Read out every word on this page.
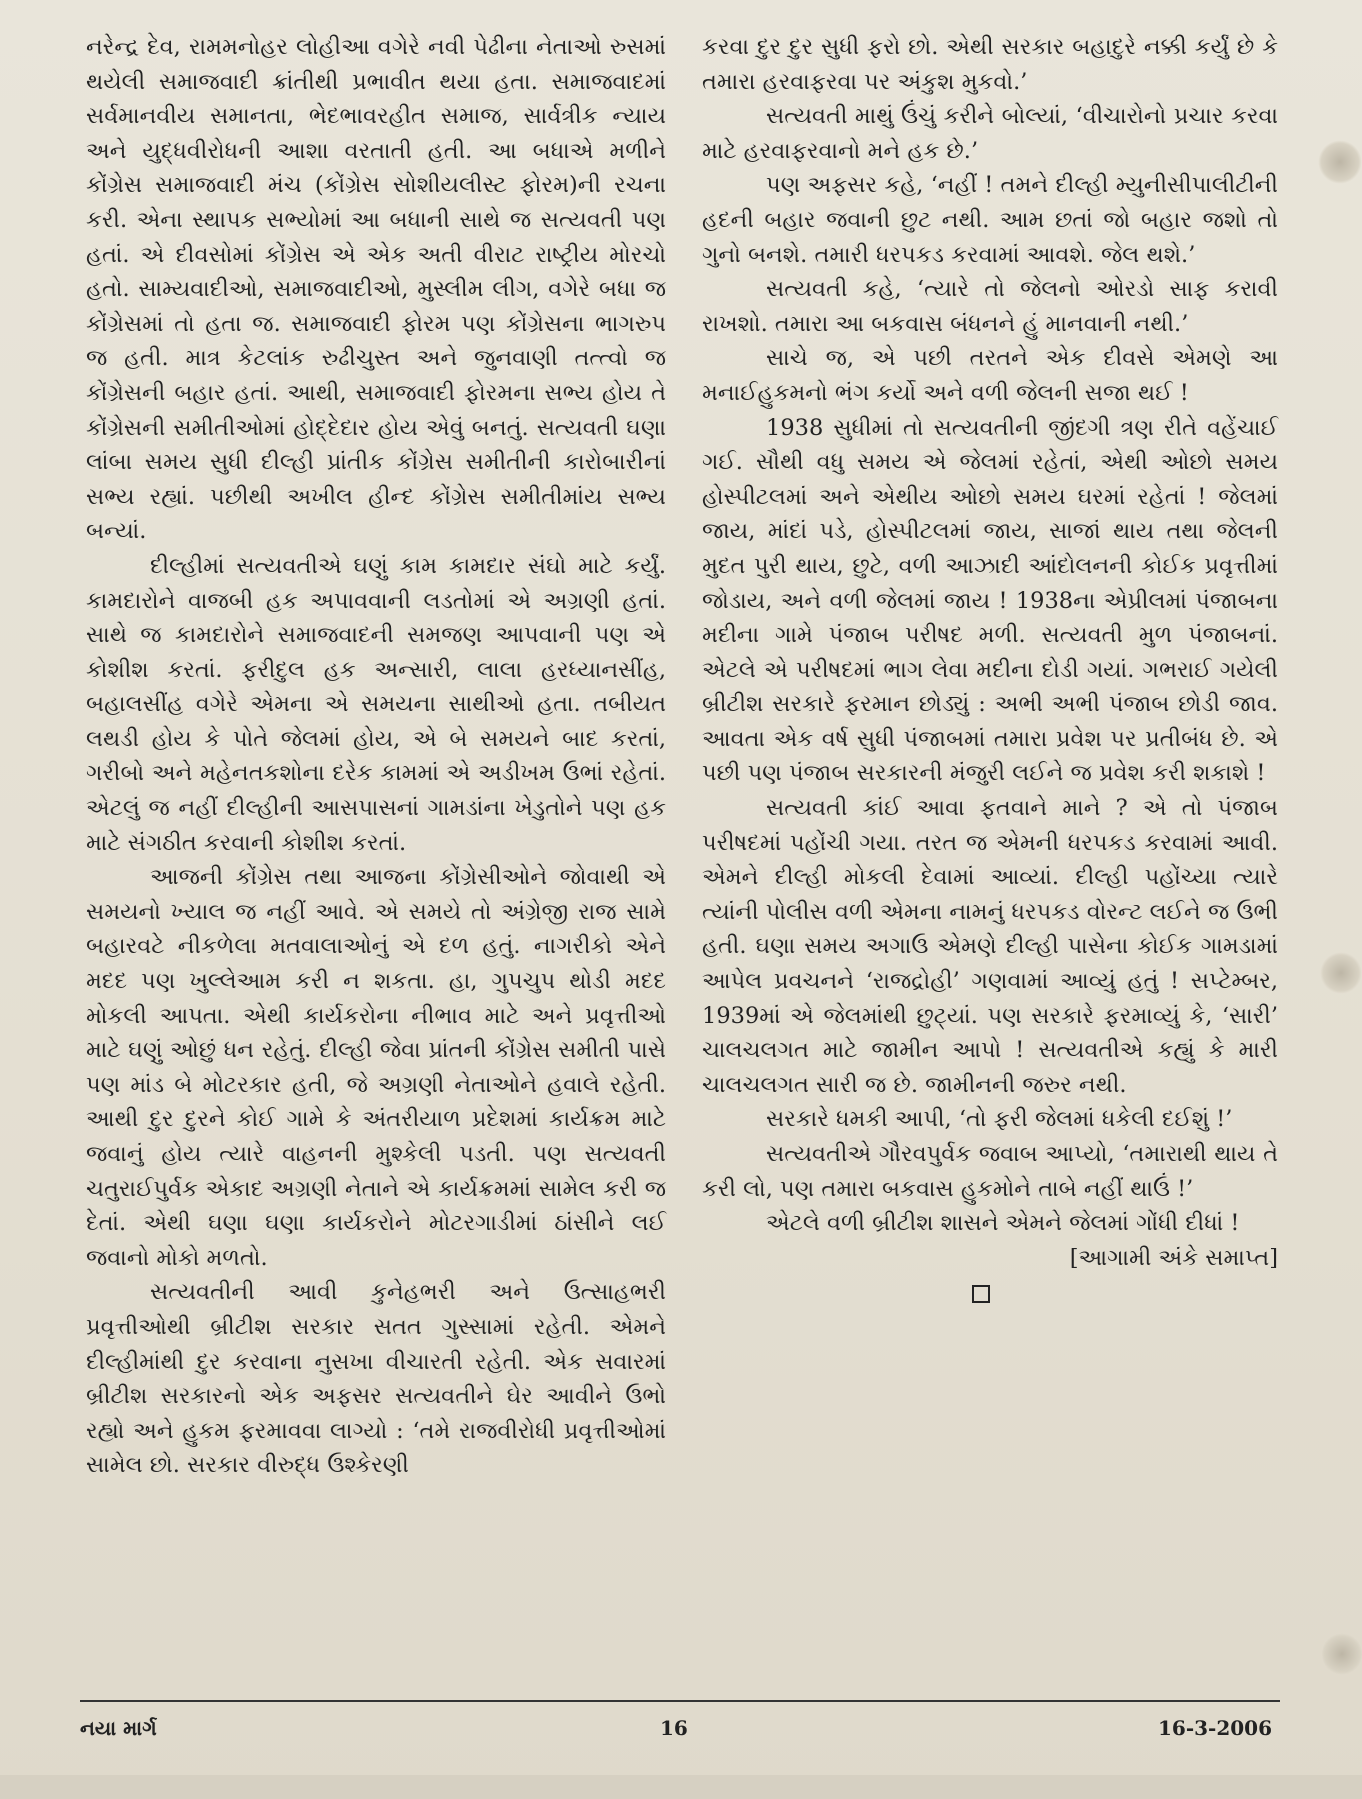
નરેન્દ્ર દેવ, રામમનોહર લોહીઆ વગેરે નવી પેઢીના નેતાઓ રુસમાં થયેલી સમાજવાદી ક્રાંતીથી પ્રભાવીત થયા હતા. સમાજવાદમાં સર્વમાનવીય સમાનતા, ભેદભાવરહીત સમાજ, સાર્વત્રીક ન્યાય અને યુદ્ધવીરોધની આશા વરતાતી હતી. આ બધાએ મળીને કોંગ્રેસ સમાજવાદી મંચ (કોંગ્રેસ સોશીયલીસ્ટ ફોરમ)ની રચના કરી. એના સ્થાપક સભ્યોમાં આ બધાની સાથે જ સત્યવતી પણ હતાં. એ દીવસોમાં કોંગ્રેસ એ એક અતી વીરાટ રાષ્ટ્રીય મોરચો હતો. સામ્યવાદીઓ, સમાજવાદીઓ, મુસ્લીમ લીગ, વગેરે બધા જ કોંગ્રેસમાં તો હતા જ. સમાજવાદી ફોરમ પણ કોંગ્રેસના ભાગરુપ જ હતી. માત્ર કેટલાંક રુઢીચુસ્ત અને જુનવાણી તત્ત્વો જ કોંગ્રેસની બહાર હતાં. આથી, સમાજવાદી ફોરમના સભ્ય હોય તે કોંગ્રેસની સમીતીઓમાં હોદ્દેદાર હોય એવું બનતું. સત્યવતી ઘણા લાંબા સમય સુધી દીલ્હી પ્રાંતીક કોંગ્રેસ સમીતીની કારોબારીનાં સભ્ય રહ્યાં. પછીથી અખીલ હીન્દ કોંગ્રેસ સમીતીમાંય સભ્ય બન્યાં.

દીલ્હીમાં સત્યવતીએ ઘણું કામ કામદાર સંઘો માટે કર્યું. કામદારોને વાજબી હક અપાવવાની લડતોમાં એ અગ્રણી હતાં. સાથે જ કામદારોને સમાજવાદની સમજણ આપવાની પણ એ કોશીશ કરતાં. ફરીદુલ હક અન્સારી, લાલા હરધ્યાનસીંહ, બહાલસીંહ વગેરે એમના એ સમયના સાથીઓ હતા. તબીયત લથડી હોય કે પોતે જેલમાં હોય, એ બે સમયને બાદ કરતાં, ગરીબો અને મહેનતકશોના દરેક કામમાં એ અડીખમ ઉભાં રહેતાં. એટલું જ નહીં દીલ્હીની આસપાસનાં ગામડાંના ખેડુતોને પણ હક માટે સંગઠીત કરવાની કોશીશ કરતાં.

આજની કોંગ્રેસ તથા આજના કોંગ્રેસીઓને જોવાથી એ સમયનો ખ્યાલ જ નહીં આવે. એ સમયે તો અંગ્રેજી રાજ સામે બહારવટે નીકળેલા મતવાલાઓનું એ દળ હતું. નાગરીકો એને મદદ પણ ખુલ્લેઆમ કરી ન શકતા. હા, ગુપચુપ થોડી મદદ મોકલી આપતા. એથી કાર્યકરોના નીભાવ માટે અને પ્રવૃત્તીઓ માટે ઘણું ઓછું ધન રહેતું. દીલ્હી જેવા પ્રાંતની કોંગ્રેસ સમીતી પાસે પણ માંડ બે મોટરકાર હતી, જે અગ્રણી નેતાઓને હવાલે રહેતી. આથી દુર દુરને કોઈ ગામે કે અંતરીયાળ પ્રદેશમાં કાર્યક્રમ માટે જવાનું હોય ત્યારે વાહનની મુશ્કેલી પડતી. પણ સત્યવતી ચતુરાઈપુર્વક એકાદ અગ્રણી નેતાને એ કાર્યક્રમમાં સામેલ કરી જ દેતાં. એથી ઘણા ઘણા કાર્યકરોને મોટરગાડીમાં ઠાંસીને લઈ જવાનો મોકો મળતો.

સત્યવતીની આવી કુનેહભરી અને ઉત્સાહભરી પ્રવૃત્તીઓથી બ્રીટીશ સરકાર સતત ગુસ્સામાં રહેતી. એમને દીલ્હીમાંથી દુર કરવાના નુસખા વીચારતી રહેતી. એક સવારમાં બ્રીટીશ સરકારનો એક અફસર સત્યવતીને ઘેર આવીને ઉભો રહ્યો અને હુકમ ફરમાવવા લાગ્યો : ‘તમે રાજવીરોધી પ્રવૃત્તીઓમાં સામેલ છો. સરકાર વીરુદ્ધ ઉશ્કેરણી

કરવા દુર દુર સુધી ફરો છો. એથી સરકાર બહાદુરે નક્કી કર્યું છે કે તમારા હરવાફરવા પર અંકુશ મુકવો.’

સત્યવતી માથું ઉંચું કરીને બોલ્યાં, ‘વીચારોનો પ્રચાર કરવા માટે હરવાફરવાનો મને હક છે.’

પણ અફસર કહે, ‘નહીં ! તમને દીલ્હી મ્યુનીસીપાલીટીની હદની બહાર જવાની છુટ નથી. આમ છતાં જો બહાર જશો તો ગુનો બનશે. તમારી ધરપકડ કરવામાં આવશે. જેલ થશે.’

સત્યવતી કહે, ‘ત્યારે તો જેલનો ઓરડો સાફ કરાવી રાખશો. તમારા આ બકવાસ બંધનને હું માનવાની નથી.’

સાચે જ, એ પછી તરતને એક દીવસે એમણે આ મનાઈહુકમનો ભંગ કર્યો અને વળી જેલની સજા થઈ !

1938 સુધીમાં તો સત્યવતીની જીંદગી ત્રણ રીતે વહેંચાઈ ગઈ. સૌથી વધુ સમય એ જેલમાં રહેતાં, એથી ઓછો સમય હોસ્પીટલમાં અને એથીય ઓછો સમય ઘરમાં રહેતાં ! જેલમાં જાય, માંદાં પડે, હોસ્પીટલમાં જાય, સાજાં થાય તથા જેલની મુદત પુરી થાય, છુટે, વળી આઝાદી આંદોલનની કોઈક પ્રવૃત્તીમાં જોડાય, અને વળી જેલમાં જાય ! 1938ના એપ્રીલમાં પંજાબના મદીના ગામે પંજાબ પરીષદ મળી. સત્યવતી મુળ પંજાબનાં. એટલે એ પરીષદમાં ભાગ લેવા મદીના દોડી ગયાં. ગભરાઈ ગયેલી બ્રીટીશ સરકારે ફરમાન છોડ્યું : અભી અભી પંજાબ છોડી જાવ. આવતા એક વર્ષ સુધી પંજાબમાં તમારા પ્રવેશ પર પ્રતીબંધ છે. એ પછી પણ પંજાબ સરકારની મંજુરી લઈને જ પ્રવેશ કરી શકાશે !

સત્યવતી કાંઈ આવા ફતવાને માને ? એ તો પંજાબ પરીષદમાં પહોંચી ગયા. તરત જ એમની ધરપકડ કરવામાં આવી. એમને દીલ્હી મોકલી દેવામાં આવ્યાં. દીલ્હી પહોંચ્યા ત્યારે ત્યાંની પોલીસ વળી એમના નામનું ધરપકડ વોરન્ટ લઈને જ ઉભી હતી. ઘણા સમય અગાઉ એમણે દીલ્હી પાસેના કોઈક ગામડામાં આપેલ પ્રવચનને ‘રાજદ્રોહી’ ગણવામાં આવ્યું હતું ! સપ્ટેમ્બર, 1939માં એ જેલમાંથી છુટ્યાં. પણ સરકારે ફરમાવ્યું કે, ‘સારી’ ચાલચલગત માટે જામીન આપો ! સત્યવતીએ કહ્યું કે મારી ચાલચલગત સારી જ છે. જામીનની જરુર નથી.

સરકારે ધમકી આપી, ‘તો ફરી જેલમાં ધકેલી દઈશું !’

સત્યવતીએ ગૌરવપુર્વક જવાબ આપ્યો, ‘તમારાથી થાય તે કરી લો, પણ તમારા બકવાસ હુકમોને તાબે નહીં થાઉં !’

એટલે વળી બ્રીટીશ શાસને એમને જેલમાં ગોંધી દીધાં !

[આગામી અંકે સમાપ્ત]

નયા માર્ગ	16	16-3-2006
